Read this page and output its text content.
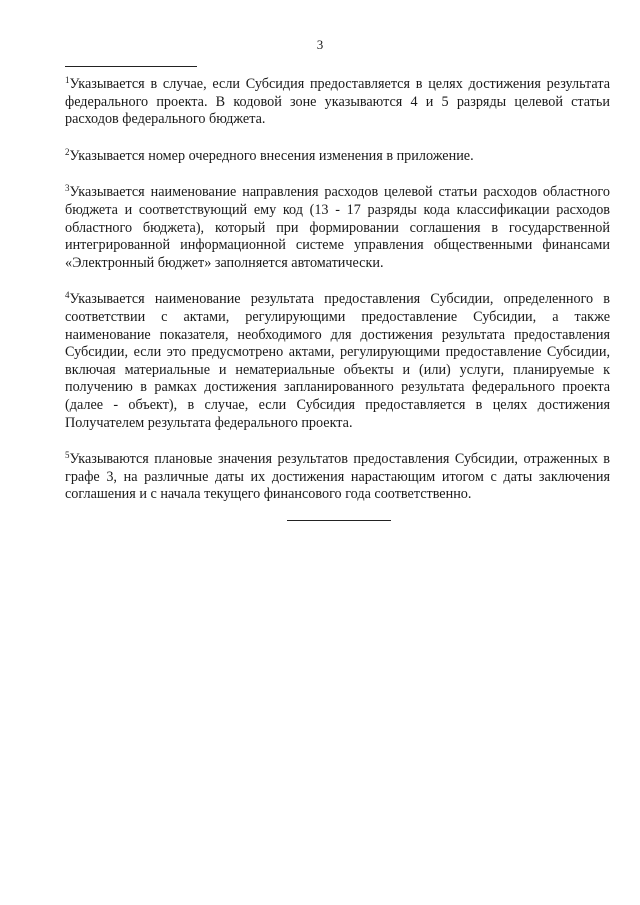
3

$^1$Указывается в случае, если Субсидия предоставляется в целях достижения результата федерального проекта. В кодовой зоне указываются 4 и 5 разряды целевой статьи расходов федерального бюджета.

$^2$Указывается номер очередного внесения изменения в приложение.

$^3$Указывается наименование направления расходов целевой статьи расходов областного бюджета и соответствующий ему код (13 - 17 разряды кода классификации расходов областного бюджета), который при формировании соглашения в государственной интегрированной информационной системе управления общественными финансами «Электронный бюджет» заполняется автоматически.

$^4$Указывается наименование результата предоставления Субсидии, определенного в соответствии с актами, регулирующими предоставление Субсидии, а также наименование показателя, необходимого для достижения результата предоставления Субсидии, если это предусмотрено актами, регулирующими предоставление Субсидии, включая материальные и нематериальные объекты и (или) услуги, планируемые к получению в рамках достижения запланированного результата федерального проекта (далее - объект), в случае, если Субсидия предоставляется в целях достижения Получателем результата федерального проекта.

$^5$Указываются плановые значения результатов предоставления Субсидии, отраженных в графе 3, на различные даты их достижения нарастающим итогом с даты заключения соглашения и с начала текущего финансового года соответственно.
